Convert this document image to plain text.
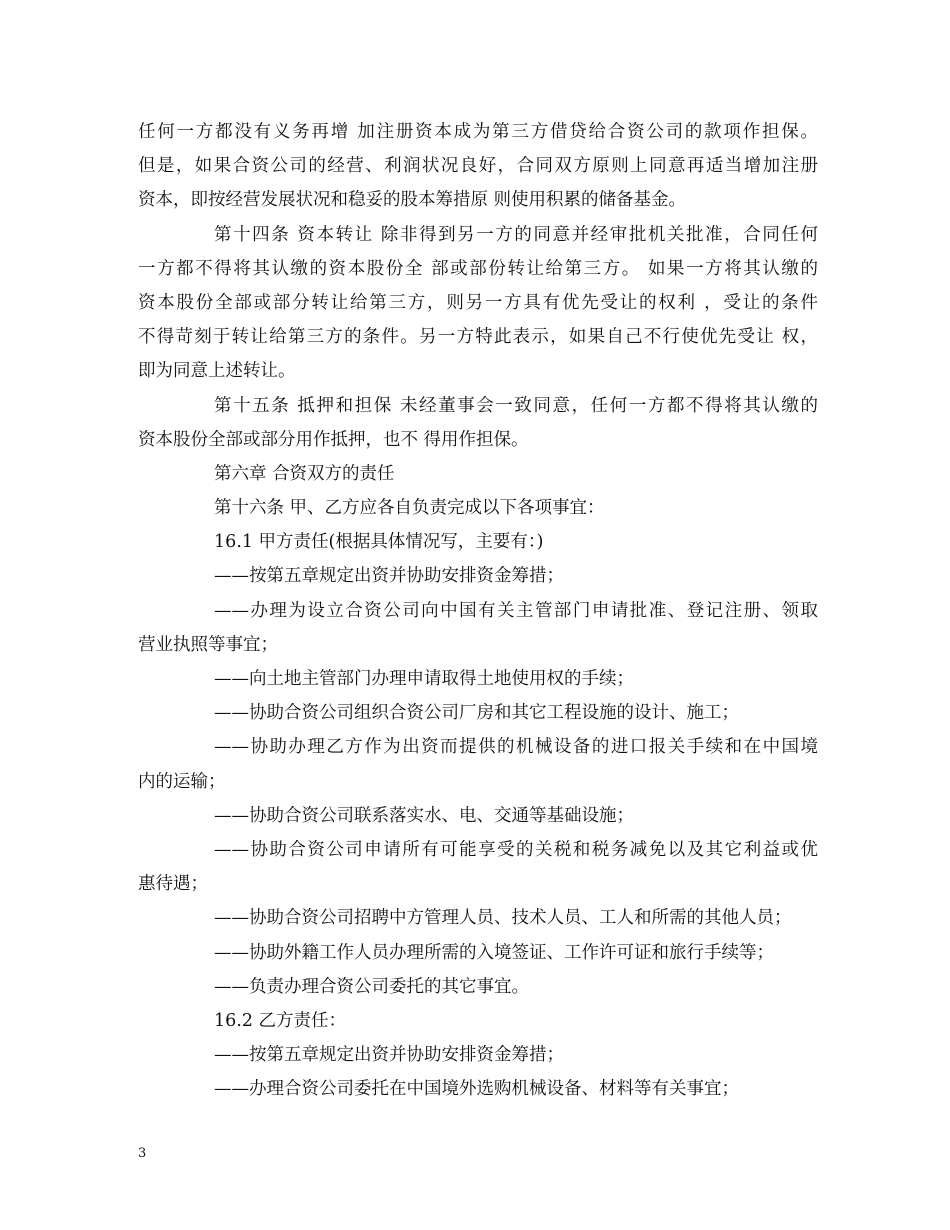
任何一方都没有义务再增 加注册资本成为第三方借贷给合资公司的款项作担保。
但是，如果合资公司的经营、利润状况良好，合同双方原则上同意再适当增加注册
资本，即按经营发展状况和稳妥的股本筹措原 则使用积累的储备基金。
第十四条 资本转让 除非得到另一方的同意并经审批机关批准，合同任何
一方都不得将其认缴的资本股份全 部或部份转让给第三方。 如果一方将其认缴的
资本股份全部或部分转让给第三方，则另一方具有优先受让的权利 ，受让的条件
不得苛刻于转让给第三方的条件。另一方特此表示，如果自己不行使优先受让 权，
即为同意上述转让。
第十五条 抵押和担保 未经董事会一致同意，任何一方都不得将其认缴的
资本股份全部或部分用作抵押，也不 得用作担保。
第六章 合资双方的责任
第十六条 甲、乙方应各自负责完成以下各项事宜：
16.1 甲方责任(根据具体情况写，主要有：)
——按第五章规定出资并协助安排资金筹措；
——办理为设立合资公司向中国有关主管部门申请批准、登记注册、领取
营业执照等事宜；
——向土地主管部门办理申请取得土地使用权的手续；
——协助合资公司组织合资公司厂房和其它工程设施的设计、施工；
——协助办理乙方作为出资而提供的机械设备的进口报关手续和在中国境
内的运输；
——协助合资公司联系落实水、电、交通等基础设施；
——协助合资公司申请所有可能享受的关税和税务减免以及其它利益或优
惠待遇；
——协助合资公司招聘中方管理人员、技术人员、工人和所需的其他人员；
——协助外籍工作人员办理所需的入境签证、工作许可证和旅行手续等；
——负责办理合资公司委托的其它事宜。
16.2 乙方责任：
——按第五章规定出资并协助安排资金筹措；
——办理合资公司委托在中国境外选购机械设备、材料等有关事宜；
3
